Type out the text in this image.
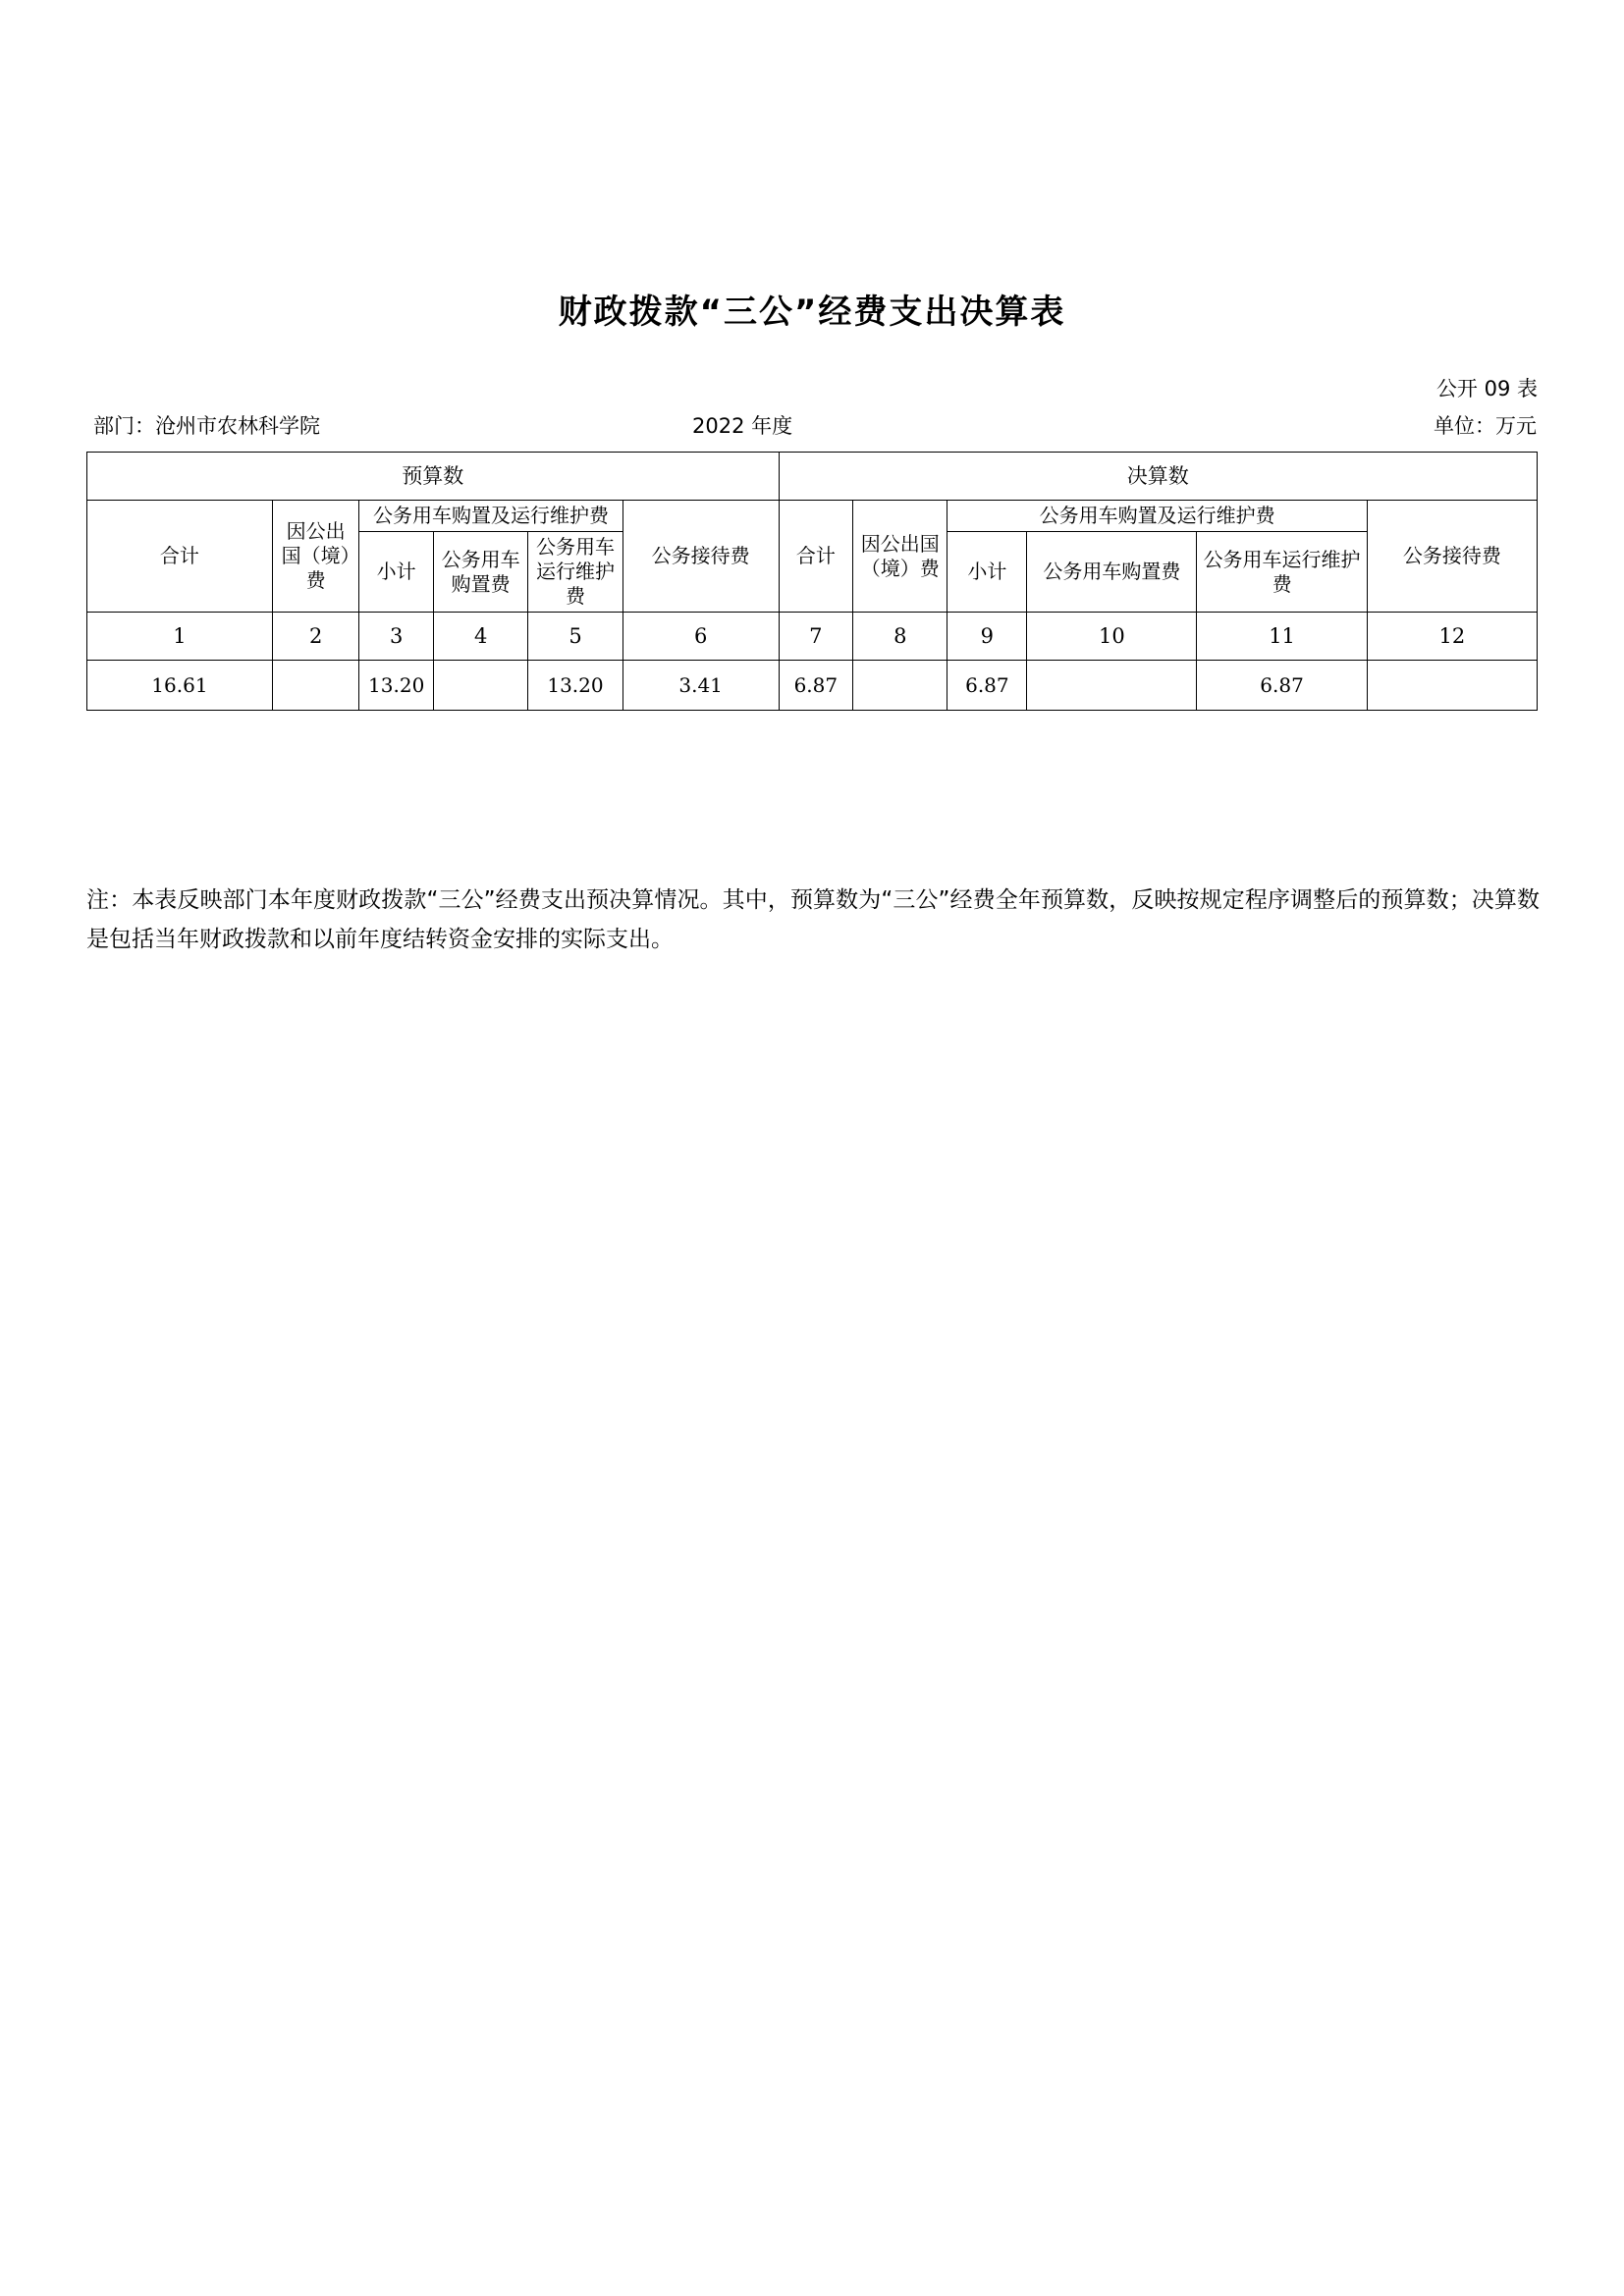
财政拨款“三公”经费支出决算表
公开 09 表
部门：沧州市农林科学院	2022 年度	单位：万元
预算数						决算数					
合计	因公出国（境）费	公务用车购置及运行维护费			公务接待费	合计	因公出国（境）费	公务用车购置及运行维护费			公务接待费
		小计	公务用车购置费	公务用车运行维护费				小计	公务用车购置费	公务用车运行维护费	

1	2	3	4	5	6	7	8	9	10	11	12
16.61		13.20		13.20	3.41	6.87		6.87		6.87	
注：本表反映部门本年度财政拨款“三公”经费支出预决算情况。其中，预算数为“三公”经费全年预算数，反映按规定程序调整后的预算数；决算数是包括当年财政拨款和以前年度结转资金安排的实际支出。
